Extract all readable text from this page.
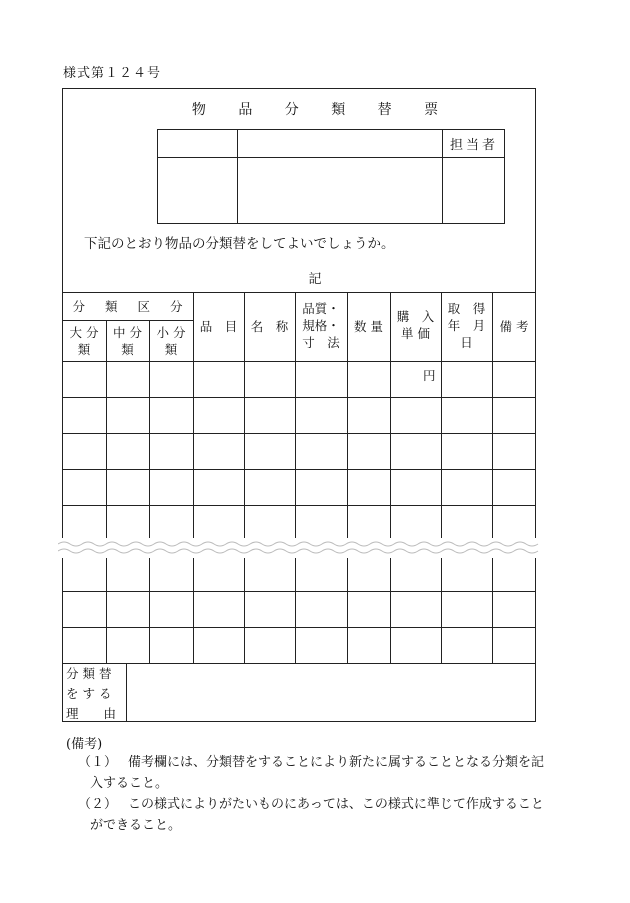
様式第１２４号
物 品 分 類 替 票
担当者
下記のとおり物品の分類替をしてよいでしょうか。
記
分 類 区 分
大 分
類
中 分
類
小 分
類
品　目	名　称
品質・
規格・
寸　法
数 量
購　入
単 価
取　得
年　月
日
備 考
円
分 類 替
を す る
理　　由
(備考)
（１） 備考欄には、分類替をすることにより新たに属することとなる分類を記
入すること。
（２） この様式によりがたいものにあっては、この様式に準じて作成すること
ができること。
